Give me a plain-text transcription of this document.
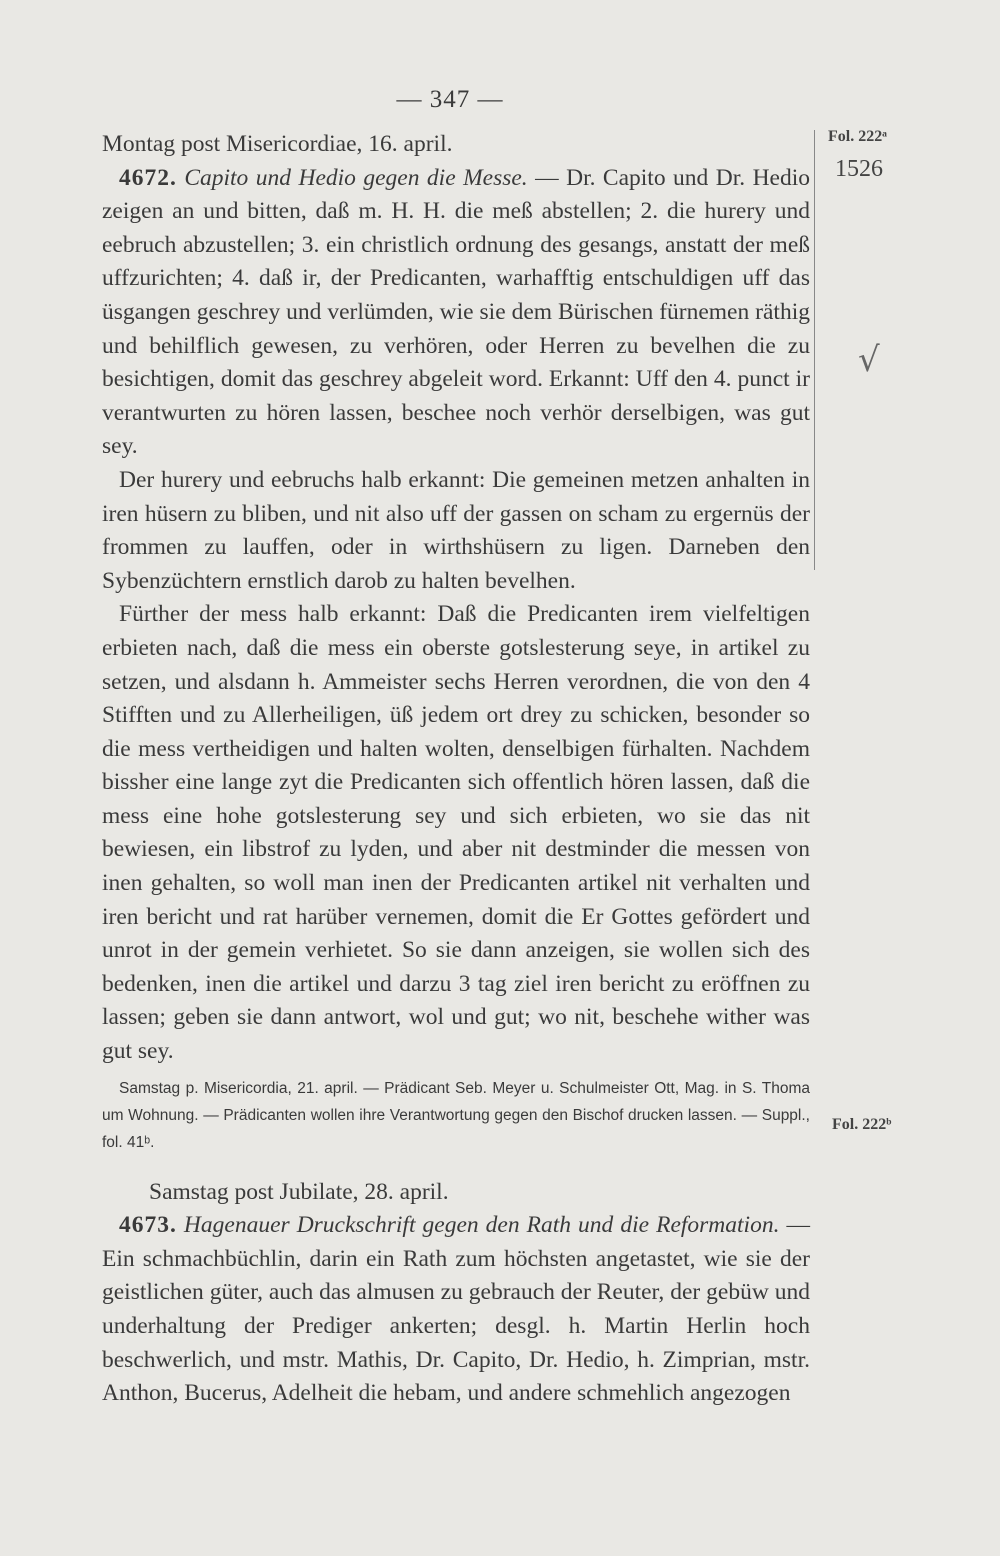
— 347 —
Fol. 222ᵃ
1526
√
Fol. 222ᵇ

Montag post Misericordiae, 16. april.

4672. Capito und Hedio gegen die Messe. — Dr. Capito und Dr. Hedio zeigen an und bitten, daß m. H. H. die meß abstellen; 2. die hurery und eebruch abzustellen; 3. ein christlich ordnung des gesangs, anstatt der meß uffzurichten; 4. daß ir, der Predicanten, warhafftig entschuldigen uff das üsgangen geschrey und verlümden, wie sie dem Bürischen fürnemen räthig und behilflich gewesen, zu verhören, oder Herren zu bevelhen die zu besichtigen, domit das geschrey abgeleit word. Erkannt: Uff den 4. punct ir verantwurten zu hören lassen, beschee noch verhör derselbigen, was gut sey.

Der hurery und eebruchs halb erkannt: Die gemeinen metzen anhalten in iren hüsern zu bliben, und nit also uff der gassen on scham zu ergernüs der frommen zu lauffen, oder in wirthshüsern zu ligen. Darneben den Sybenzüchtern ernstlich darob zu halten bevelhen.

Fürther der mess halb erkannt: Daß die Predicanten irem vielfeltigen erbieten nach, daß die mess ein oberste gotslesterung seye, in artikel zu setzen, und alsdann h. Ammeister sechs Herren verordnen, die von den 4 Stifften und zu Allerheiligen, üß jedem ort drey zu schicken, besonder so die mess vertheidigen und halten wolten, denselbigen fürhalten. Nachdem bissher eine lange zyt die Predicanten sich offentlich hören lassen, daß die mess eine hohe gotslesterung sey und sich erbieten, wo sie das nit bewiesen, ein libstrof zu lyden, und aber nit destminder die messen von inen gehalten, so woll man inen der Predicanten artikel nit verhalten und iren bericht und rat harüber vernemen, domit die Er Gottes gefördert und unrot in der gemein verhietet. So sie dann anzeigen, sie wollen sich des bedenken, inen die artikel und darzu 3 tag ziel iren bericht zu eröffnen zu lassen; geben sie dann antwort, wol und gut; wo nit, beschehe wither was gut sey.

Samstag p. Misericordia, 21. april. — Prädicant Seb. Meyer u. Schulmeister Ott, Mag. in S. Thoma um Wohnung. — Prädicanten wollen ihre Verantwortung gegen den Bischof drucken lassen. — Suppl., fol. 41ᵇ.

Samstag post Jubilate, 28. april.

4673. Hagenauer Druckschrift gegen den Rath und die Reformation. — Ein schmachbüchlin, darin ein Rath zum höchsten angetastet, wie sie der geistlichen güter, auch das almusen zu gebrauch der Reuter, der gebüw und underhaltung der Prediger ankerten; desgl. h. Martin Herlin hoch beschwerlich, und mstr. Mathis, Dr. Capito, Dr. Hedio, h. Zimprian, mstr. Anthon, Bucerus, Adelheit die hebam, und andere schmehlich angezogen
